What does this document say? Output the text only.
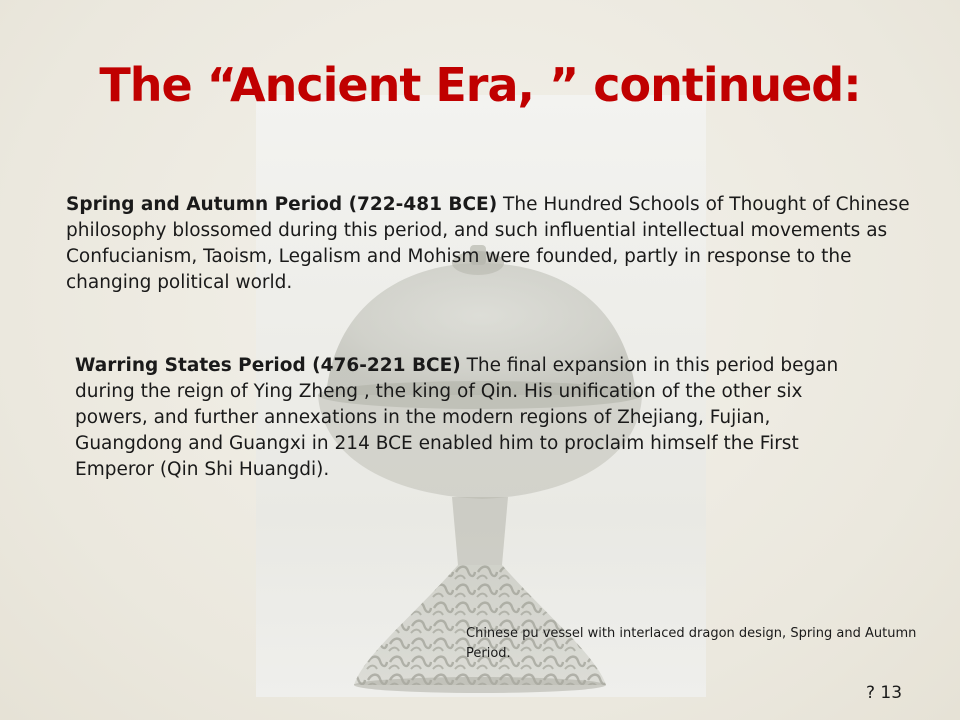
The “Ancient Era, ” continued:

Spring and Autumn Period (722-481 BCE) The Hundred Schools of Thought of Chinese philosophy blossomed during this period, and such influential intellectual movements as Confucianism, Taoism, Legalism and Mohism were founded, partly in response to the changing political world.

Warring States Period (476-221 BCE) The final expansion in this period began during the reign of Ying Zheng , the king of Qin. His unification of the other six powers, and further annexations in the modern regions of Zhejiang, Fujian, Guangdong and Guangxi in 214 BCE enabled him to proclaim himself the First Emperor (Qin Shi Huangdi).

Chinese pu vessel with interlaced dragon design, Spring and Autumn Period.

? 13
